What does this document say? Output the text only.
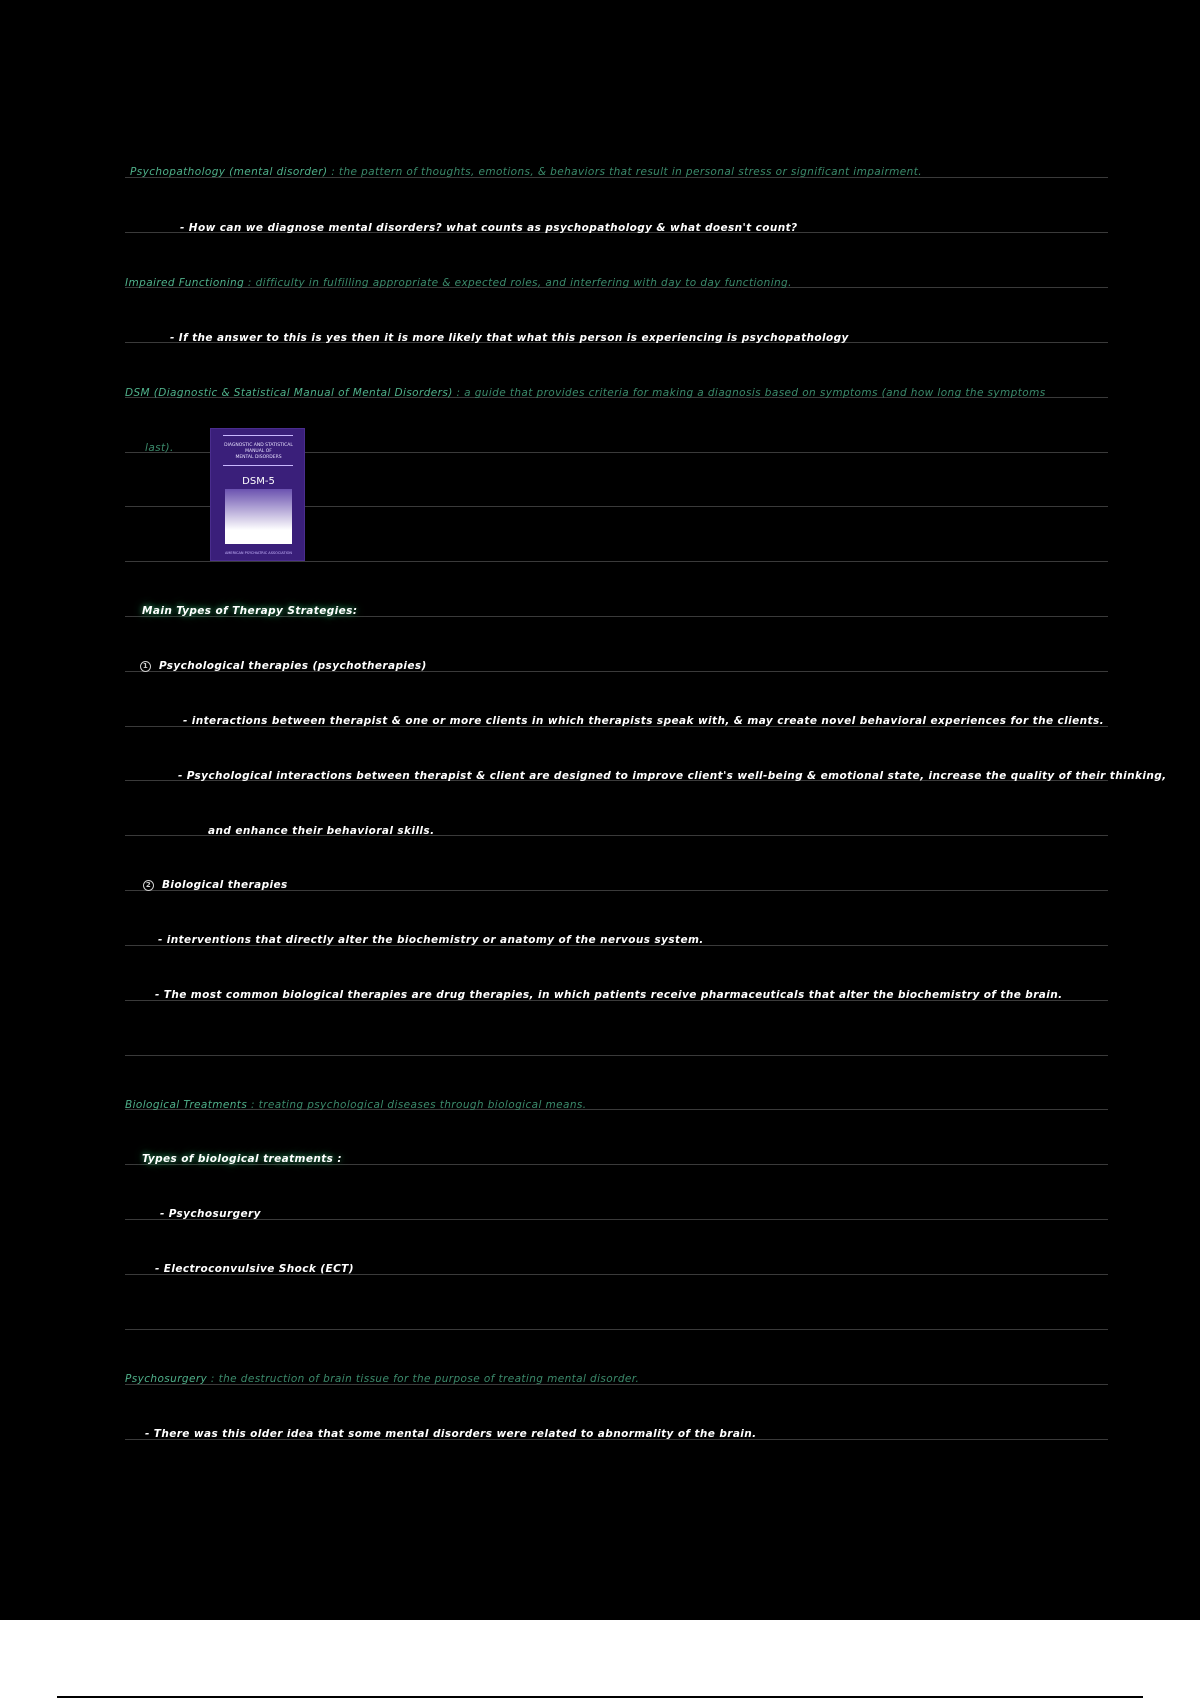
Psychopathology (mental disorder) : the pattern of thoughts, emotions, & behaviors that result in personal stress or significant impairment.
- How can we diagnose mental disorders? what counts as psychopathology & what doesn't count?
Impaired Functioning : difficulty in fulfilling appropriate & expected roles, and interfering with day to day functioning.
- If the answer to this is yes then it is more likely that what this person is experiencing is psychopathology
DSM (Diagnostic & Statistical Manual of Mental Disorders) : a guide that provides criteria for making a diagnosis based on symptoms (and how long the symptoms
last).	DIAGNOSTIC AND STATISTICAL
MANUAL OF
MENTAL DISORDERS
DSM-5
AMERICAN PSYCHIATRIC ASSOCIATION
Main Types of Therapy Strategies:
1 Psychological therapies (psychotherapies)
- interactions between therapist & one or more clients in which therapists speak with, & may create novel behavioral experiences for the clients.
- Psychological interactions between therapist & client are designed to improve client's well-being & emotional state, increase the quality of their thinking,
and enhance their behavioral skills.
2 Biological therapies
- interventions that directly alter the biochemistry or anatomy of the nervous system.
- The most common biological therapies are drug therapies, in which patients receive pharmaceuticals that alter the biochemistry of the brain.
Biological Treatments : treating psychological diseases through biological means.
Types of biological treatments :
- Psychosurgery
- Electroconvulsive Shock (ECT)
Psychosurgery : the destruction of brain tissue for the purpose of treating mental disorder.
- There was this older idea that some mental disorders were related to abnormality of the brain.
